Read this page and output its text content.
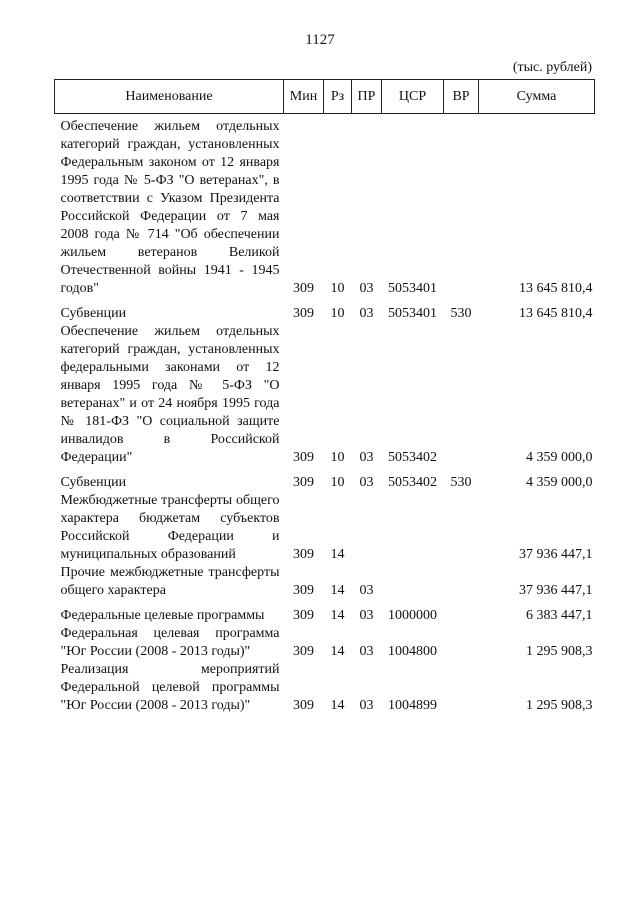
1127
(тыс. рублей)
Наименование	Мин	Рз	ПР	ЦСР	ВР	Сумма
Обеспечение жильем отдельных категорий граждан, установленных Федеральным законом от 12 января 1995 года № 5-ФЗ "О ветеранах", в соответствии с Указом Президента Российской Федерации от 7 мая 2008 года № 714 "Об обеспечении жильем ветеранов Великой Отечественной войны 1941 - 1945 годов"	309	10	03	5053401		13 645 810,4
Субвенции	309	10	03	5053401	530	13 645 810,4
Обеспечение жильем отдельных категорий граждан, установленных федеральными законами от 12 января 1995 года № 5-ФЗ "О ветеранах" и от 24 ноября 1995 года № 181-ФЗ "О социальной защите инвалидов в Российской Федерации"	309	10	03	5053402		4 359 000,0
Субвенции	309	10	03	5053402	530	4 359 000,0
Межбюджетные трансферты общего характера бюджетам субъектов Российской Федерации и муниципальных образований	309	14				37 936 447,1
Прочие межбюджетные трансферты общего характера	309	14	03			37 936 447,1
Федеральные целевые программы	309	14	03	1000000		6 383 447,1
Федеральная целевая программа "Юг России (2008 - 2013 годы)"	309	14	03	1004800		1 295 908,3
Реализация мероприятий Федеральной целевой программы "Юг России (2008 - 2013 годы)"	309	14	03	1004899		1 295 908,3
